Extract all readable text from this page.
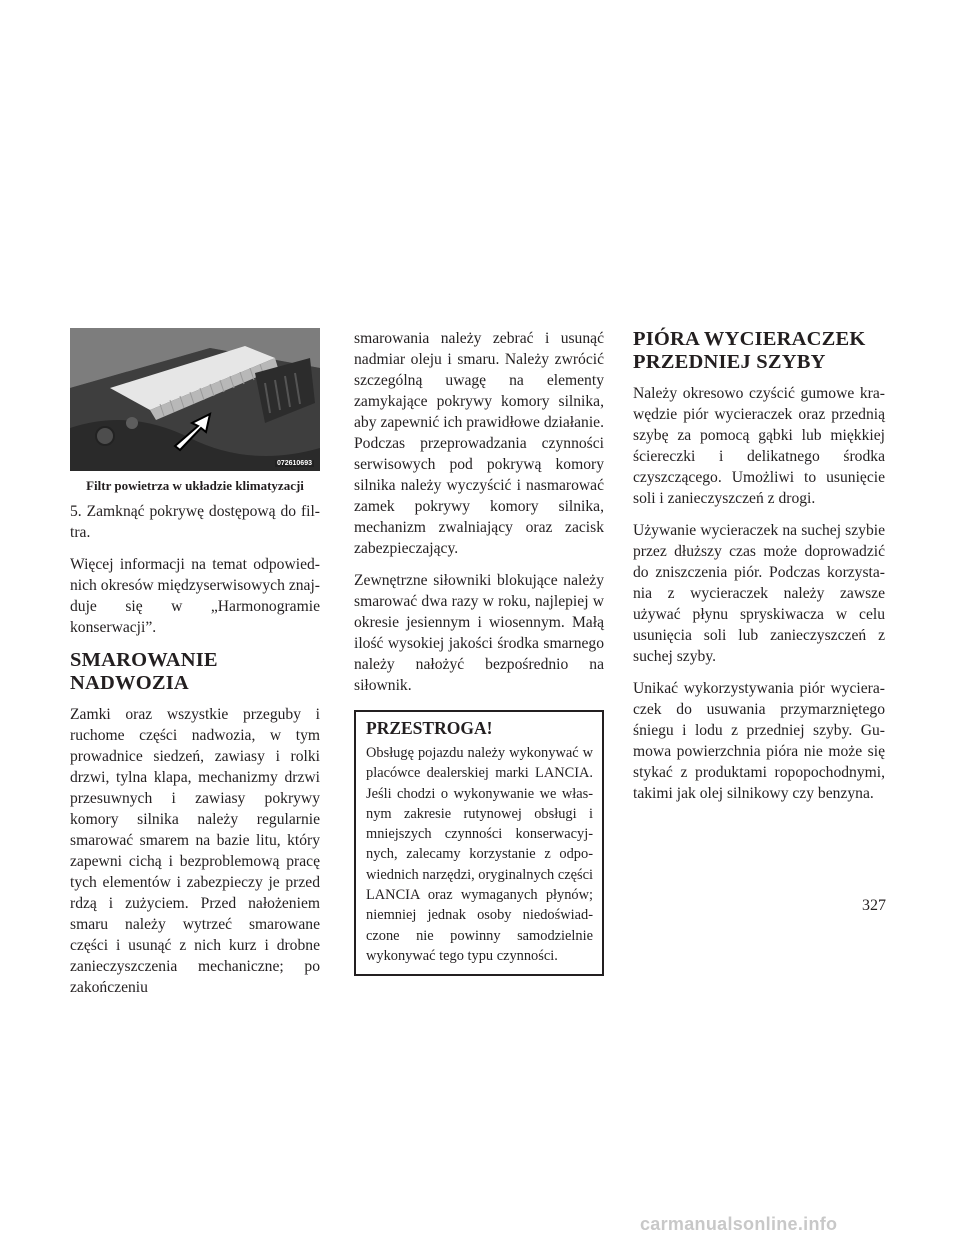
072610693
Filtr powietrza w układzie klimatyzacji

5. Zamknąć pokrywę dostępową do filtra.

Więcej informacji na temat odpowiednich okresów międzyserwisowych znajduje się w „Harmonogramie konserwacji”.

SMAROWANIE
NADWOZIA

Zamki oraz wszystkie przeguby i ruchome części nadwozia, w tym prowadnice siedzeń, zawiasy i rolki drzwi, tylna klapa, mechanizmy drzwi przesuwnych i zawiasy pokrywy komory silnika należy regularnie smarować smarem na bazie litu, który zapewni cichą i bezproblemową pracę tych elementów i zabezpieczy je przed rdzą i zużyciem. Przed nałożeniem smaru należy wytrzeć smarowane części i usunąć z nich kurz i drobne zanieczyszczenia mechaniczne; po zakończeniu

smarowania należy zebrać i usunąć nadmiar oleju i smaru. Należy zwrócić szczególną uwagę na elementy zamykające pokrywy komory silnika, aby zapewnić ich prawidłowe działanie. Podczas przeprowadzania czynności serwisowych pod pokrywą komory silnika należy wyczyścić i nasmarować zamek pokrywy komory silnika, mechanizm zwalniający oraz zacisk zabezpieczający.

Zewnętrzne siłowniki blokujące należy smarować dwa razy w roku, najlepiej w okresie jesiennym i wiosennym. Małą ilość wysokiej jakości środka smarnego należy nałożyć bezpośrednio na siłownik.

PRZESTROGA!

Obsługę pojazdu należy wykonywać w placówce dealerskiej marki LANCIA. Jeśli chodzi o wykonywanie we własnym zakresie rutynowej obsługi i mniejszych czynności konserwacyjnych, zalecamy korzystanie z odpowiednich narzędzi, oryginalnych części LANCIA oraz wymaganych płynów; niemniej jednak osoby niedoświadczone nie powinny samodzielnie wykonywać tego typu czynności.

PIÓRA WYCIERACZEK
PRZEDNIEJ SZYBY

Należy okresowo czyścić gumowe krawędzie piór wycieraczek oraz przednią szybę za pomocą gąbki lub miękkiej ściereczki i delikatnego środka czyszczącego. Umożliwi to usunięcie soli i zanieczyszczeń z drogi.

Używanie wycieraczek na suchej szybie przez dłuższy czas może doprowadzić do zniszczenia piór. Podczas korzystania z wycieraczek należy zawsze używać płynu spryskiwacza w celu usunięcia soli lub zanieczyszczeń z suchej szyby.

Unikać wykorzystywania piór wycieraczek do usuwania przymarzniętego śniegu i lodu z przedniej szyby. Gumowa powierzchnia pióra nie może się stykać z produktami ropopochodnymi, takimi jak olej silnikowy czy benzyna.

327
carmanualsonline.info
